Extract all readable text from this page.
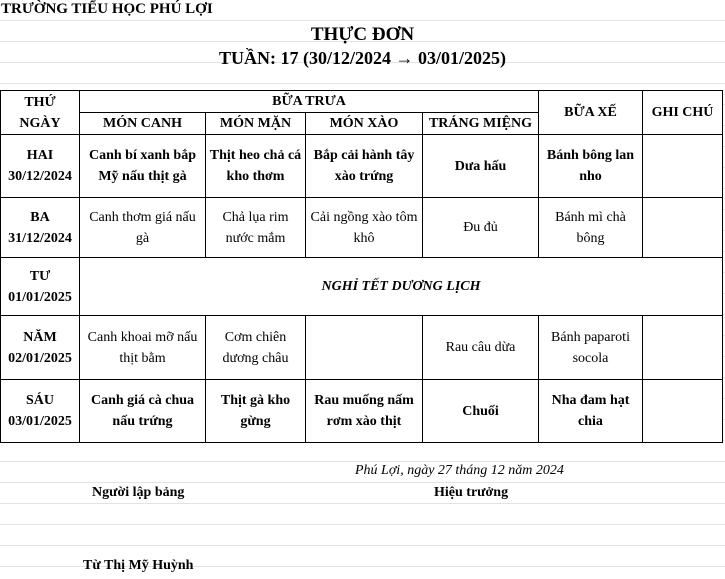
TRƯỜNG TIỂU HỌC PHÚ LỢI
THỰC ĐƠN
TUẦN: 17 (30/12/2024 → 03/01/2025)
THỨ
NGÀY	BỮA TRƯA				BỮA XẾ	GHI CHÚ
	MÓN CANH	MÓN MẶN	MÓN XÀO	TRÁNG MIỆNG		
HAI
30/12/2024	Canh bí xanh bắp Mỹ nấu thịt gà	Thịt heo chả cá kho thơm	Bắp cải hành tây xào trứng	Dưa hấu	Bánh bông lan nho	
BA
31/12/2024	Canh thơm giá nấu gà	Chả lụa rim nước mắm	Cải ngồng xào tôm khô	Đu đủ	Bánh mì chà bông	
TƯ
01/01/2025	NGHỈ TẾT DƯƠNG LỊCH					
NĂM
02/01/2025	Canh khoai mỡ nấu thịt bằm	Cơm chiên dương châu		Rau câu dừa	Bánh paparoti socola	
SÁU
03/01/2025	Canh giá cà chua nấu trứng	Thịt gà kho gừng	Rau muống nấm rơm xào thịt	Chuối	Nha đam hạt chia	
Phú Lợi, ngày 27 tháng 12 năm 2024
Người lập bảng	Hiệu trưởng
Từ Thị Mỹ Huỳnh
